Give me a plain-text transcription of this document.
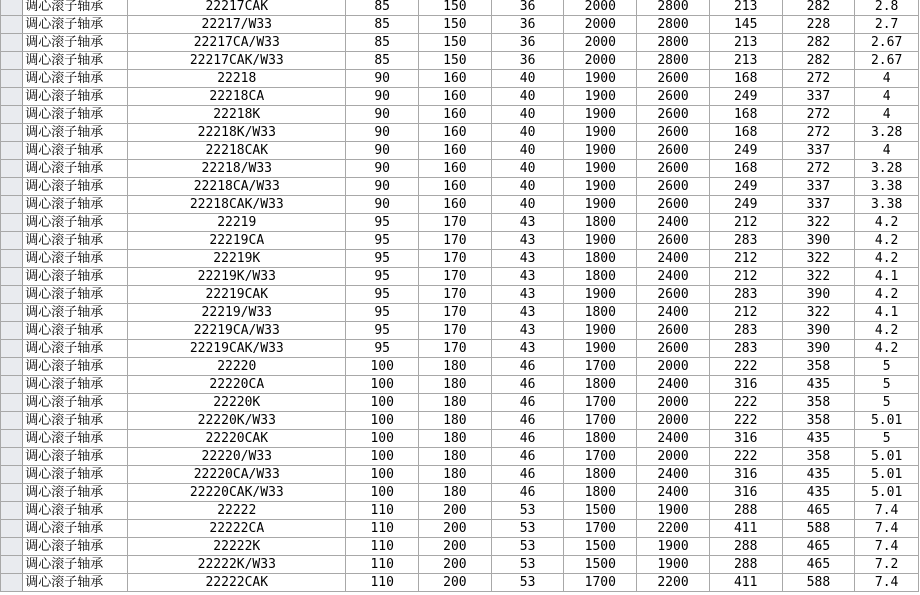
	调心滚子轴承	22217CAK	85	150	36	2000	2800	213	282	2.8
	调心滚子轴承	22217/W33	85	150	36	2000	2800	145	228	2.7
	调心滚子轴承	22217CA/W33	85	150	36	2000	2800	213	282	2.67
	调心滚子轴承	22217CAK/W33	85	150	36	2000	2800	213	282	2.67
	调心滚子轴承	22218	90	160	40	1900	2600	168	272	4
	调心滚子轴承	22218CA	90	160	40	1900	2600	249	337	4
	调心滚子轴承	22218K	90	160	40	1900	2600	168	272	4
	调心滚子轴承	22218K/W33	90	160	40	1900	2600	168	272	3.28
	调心滚子轴承	22218CAK	90	160	40	1900	2600	249	337	4
	调心滚子轴承	22218/W33	90	160	40	1900	2600	168	272	3.28
	调心滚子轴承	22218CA/W33	90	160	40	1900	2600	249	337	3.38
	调心滚子轴承	22218CAK/W33	90	160	40	1900	2600	249	337	3.38
	调心滚子轴承	22219	95	170	43	1800	2400	212	322	4.2
	调心滚子轴承	22219CA	95	170	43	1900	2600	283	390	4.2
	调心滚子轴承	22219K	95	170	43	1800	2400	212	322	4.2
	调心滚子轴承	22219K/W33	95	170	43	1800	2400	212	322	4.1
	调心滚子轴承	22219CAK	95	170	43	1900	2600	283	390	4.2
	调心滚子轴承	22219/W33	95	170	43	1800	2400	212	322	4.1
	调心滚子轴承	22219CA/W33	95	170	43	1900	2600	283	390	4.2
	调心滚子轴承	22219CAK/W33	95	170	43	1900	2600	283	390	4.2
	调心滚子轴承	22220	100	180	46	1700	2000	222	358	5
	调心滚子轴承	22220CA	100	180	46	1800	2400	316	435	5
	调心滚子轴承	22220K	100	180	46	1700	2000	222	358	5
	调心滚子轴承	22220K/W33	100	180	46	1700	2000	222	358	5.01
	调心滚子轴承	22220CAK	100	180	46	1800	2400	316	435	5
	调心滚子轴承	22220/W33	100	180	46	1700	2000	222	358	5.01
	调心滚子轴承	22220CA/W33	100	180	46	1800	2400	316	435	5.01
	调心滚子轴承	22220CAK/W33	100	180	46	1800	2400	316	435	5.01
	调心滚子轴承	22222	110	200	53	1500	1900	288	465	7.4
	调心滚子轴承	22222CA	110	200	53	1700	2200	411	588	7.4
	调心滚子轴承	22222K	110	200	53	1500	1900	288	465	7.4
	调心滚子轴承	22222K/W33	110	200	53	1500	1900	288	465	7.2
	调心滚子轴承	22222CAK	110	200	53	1700	2200	411	588	7.4
